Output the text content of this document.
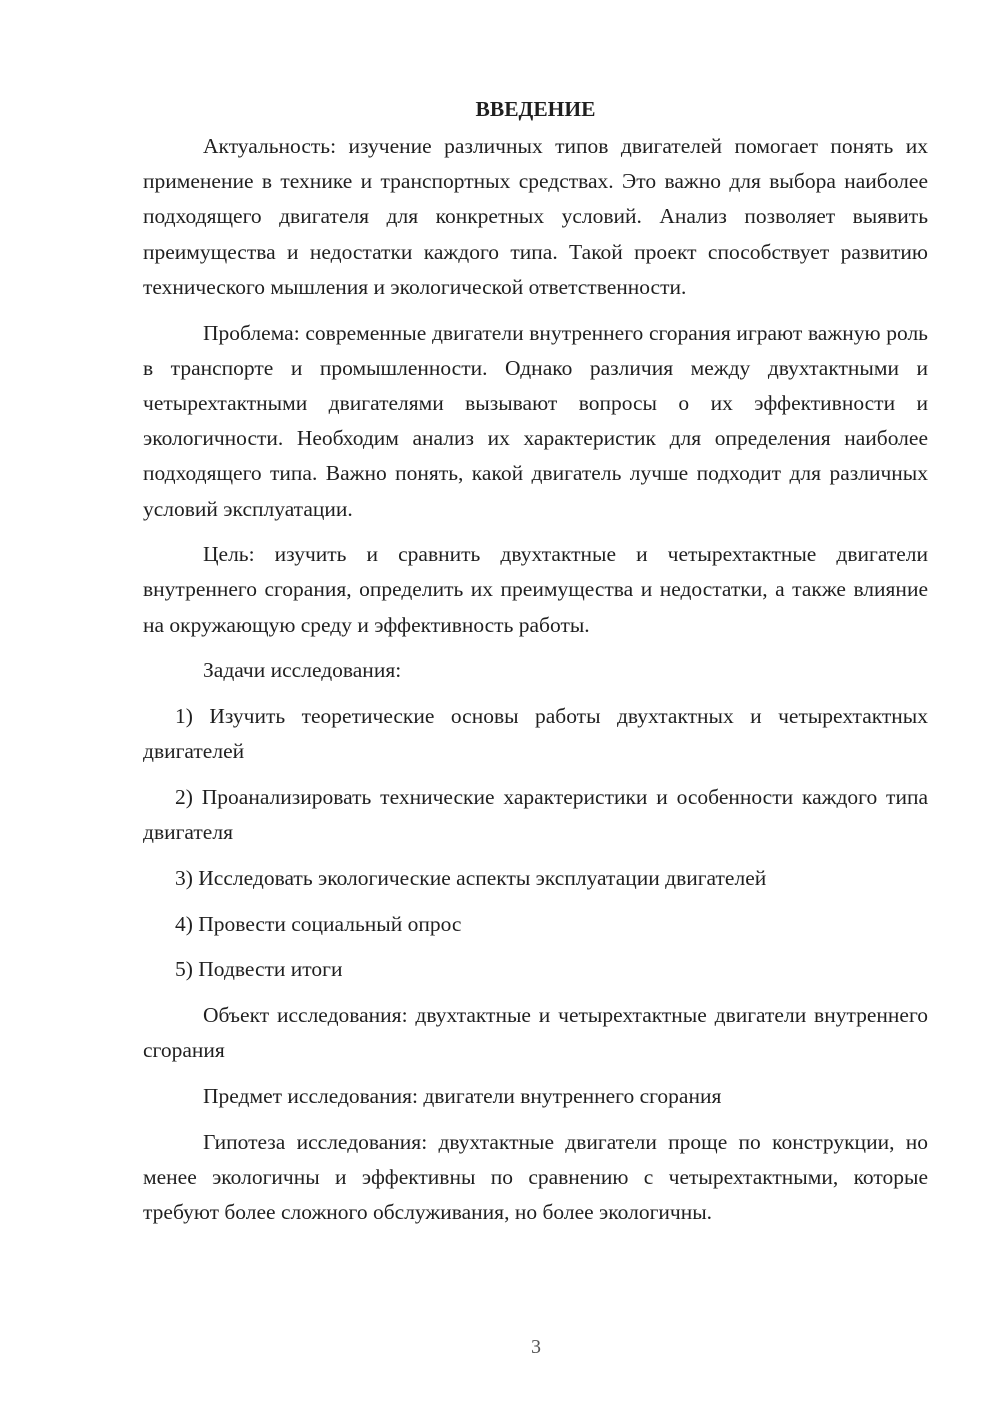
ВВЕДЕНИЕ

Актуальность: изучение различных типов двигателей помогает понять их применение в технике и транспортных средствах. Это важно для выбора наиболее подходящего двигателя для конкретных условий. Анализ позволяет выявить преимущества и недостатки каждого типа. Такой проект способствует развитию технического мышления и экологической ответственности.

Проблема: современные двигатели внутреннего сгорания играют важную роль в транспорте и промышленности. Однако различия между двухтактными и четырехтактными двигателями вызывают вопросы о их эффективности и экологичности. Необходим анализ их характеристик для определения наиболее подходящего типа. Важно понять, какой двигатель лучше подходит для различных условий эксплуатации.

Цель: изучить и сравнить двухтактные и четырехтактные двигатели внутреннего сгорания, определить их преимущества и недостатки, а также влияние на окружающую среду и эффективность работы.

Задачи исследования:

1) Изучить теоретические основы работы двухтактных и четырехтактных двигателей

2) Проанализировать технические характеристики и особенности каждого типа двигателя

3) Исследовать экологические аспекты эксплуатации двигателей

4) Провести социальный опрос

5) Подвести итоги

Объект исследования: двухтактные и четырехтактные двигатели внутреннего сгорания

Предмет исследования: двигатели внутреннего сгорания

Гипотеза исследования: двухтактные двигатели проще по конструкции, но менее экологичны и эффективны по сравнению с четырехтактными, которые требуют более сложного обслуживания, но более экологичны.

3
